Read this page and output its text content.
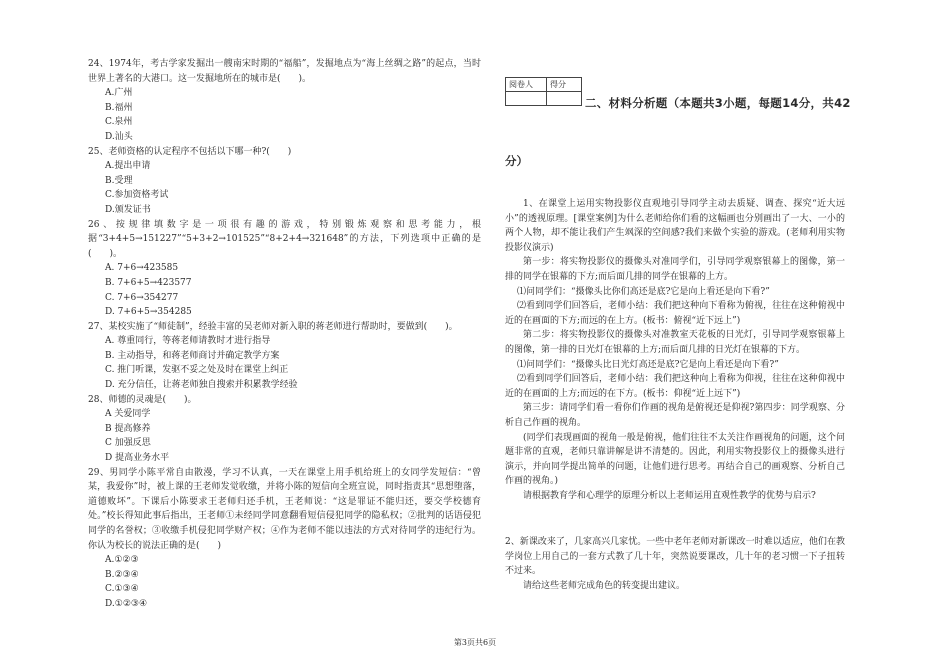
24、1974年，考古学家发掘出一艘南宋时期的“福船”，发掘地点为“海上丝绸之路”的起点，当时世界上著名的大港口。这一发掘地所在的城市是(　　)。

A.广州

B.福州

C.泉州

D.汕头

25、老师资格的认定程序不包括以下哪一种?(　　)

A.提出申请

B.受理

C.参加资格考试

D.颁发证书

26、按规律填数字是一项很有趣的游戏，特别锻炼观察和思考能力，根据“3+4+5→151227”“5+3+2→101525”“8+2+4→321648”的方法，下列选项中正确的是(　　)。

A. 7+6→423585

B. 7+6+5→423577

C. 7+6→354277

D. 7+6+5→354285

27、某校实施了“师徒制”，经验丰富的吴老师对新入职的蒋老师进行帮助时，要做到(　　)。

A. 尊重同行，等蒋老师请教时才进行指导

B. 主动指导，和蒋老师商讨并确定教学方案

C. 推门听课，发驱不妥之处及时在课堂上纠正

D. 充分信任，让蒋老师独自搜索并积累教学经验

28、师德的灵魂是(　　)。

A 关爱同学

B 提高修养

C 加强反思

D 提高业务水平

29、男同学小陈平常自由散漫，学习不认真，一天在课堂上用手机给班上的女同学发短信：“曾某，我爱你”时，被上课的王老师发觉收缴，并将小陈的短信向全班宣说，同时指责其“思想堕落，道德败坏”。下课后小陈要求王老师归还手机，王老师说：“这是罪证不能归还，要交学校德育处。”校长得知此事后指出，王老师①未经同学同意翻看短信侵犯同学的隐私权；②批判的话语侵犯同学的名誉权；③收缴手机侵犯同学财产权；④作为老师不能以违法的方式对待同学的违纪行为。你认为校长的说法正确的是(　　)

A.①②③

B.②③④

C.①③④

D.①②③④

阅卷人	得分

二、材料分析题（本题共3小题，每题14分，共42
分）

1、在课堂上运用实物投影仪直观地引导同学主动去质疑、调查、探究“近大远小”的透视原理。[课堂案例]为什么老师给你们看的这幅画也分别画出了一大、一小的两个人物，却不能让我们产生飒深的空间感?我们来做个实验的游戏。(老师利用实物投影仪演示)

第一步：将实物投影仪的摄像头对准同学们，引导同学观察银幕上的图像，第一排的同学在银幕的下方;而后面几排的同学在银幕的上方。

⑴问同学们：“摄像头比你们高还是底?它是向上看还是向下看?”

⑵看到同学们回答后，老师小结：我们把这种向下看称为俯视，往往在这种俯视中近的在画面的下方;而远的在上方。(板书：俯视“近下远上”)

第二步：将实物投影仪的摄像头对准教室天花板的日光灯，引导同学观察银幕上的图像，第一排的日光灯在银幕的上方;而后面几排的日光灯在银幕的下方。

⑴问同学们：“摄像头比日光灯高还是底?它是向上看还是向下看?”

⑵看到同学们回答后，老师小结：我们把这种向上看称为仰视，往往在这种仰视中近的在画面的上方;而远的在下方。(板书：仰视“近上远下”)

第三步：请同学们看一看你们作画的视角是俯视还是仰视?第四步：同学观察、分析自己作画的视角。

(同学们表现画面的视角一般是俯视，他们往往不太关注作画视角的问题，这个问题非常的直观，老师只靠讲解是讲不清楚的。因此，利用实物投影仪上的摄像头进行演示，并向同学提出简单的问题，让他们进行思考。再结合自己的画观察、分析自己作画的视角。)

请根据教育学和心理学的原理分析以上老师运用直观性教学的优势与启示?

2、新课改来了，几家高兴几家忧。一些中老年老师对新课改一时难以适应，他们在教学岗位上用自己的一套方式教了几十年，突然说要课改，几十年的老习惯一下子扭转不过来。

请给这些老师完成角色的转变提出建议。

第3页共6页
